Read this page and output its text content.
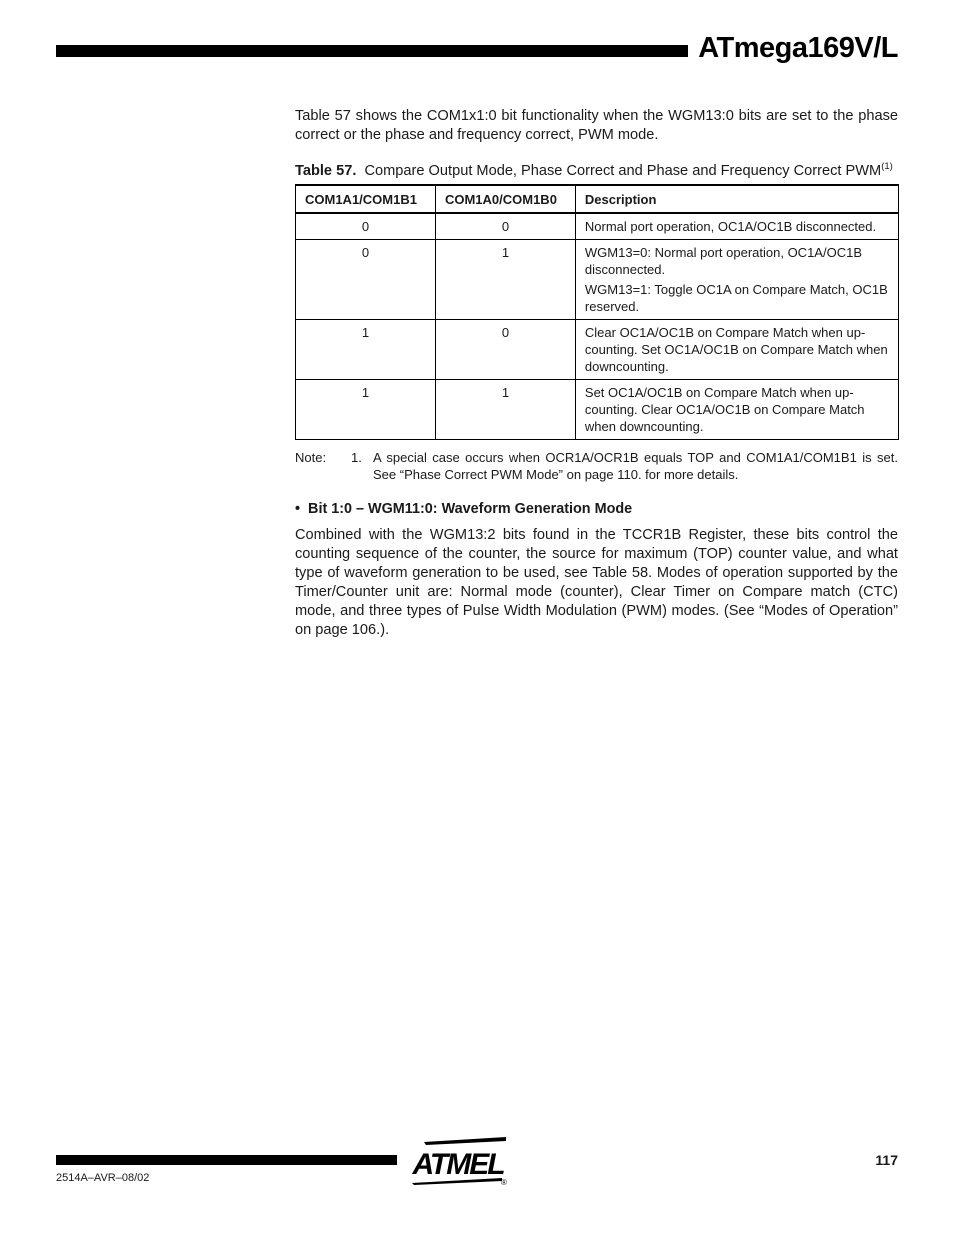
ATmega169V/L

Table 57 shows the COM1x1:0 bit functionality when the WGM13:0 bits are set to the phase correct or the phase and frequency correct, PWM mode.

Table 57. Compare Output Mode, Phase Correct and Phase and Frequency Correct PWM$^{(1)}$
COM1A1/COM1B1	COM1A0/COM1B0	Description
0	0	Normal port operation, OC1A/OC1B disconnected.

0	1	WGM13=0: Normal port operation, OC1A/OC1B disconnected.
WGM13=1: Toggle OC1A on Compare Match, OC1B reserved.

1	0	Clear OC1A/OC1B on Compare Match when up-counting. Set OC1A/OC1B on Compare Match when downcounting.

1	1	Set OC1A/OC1B on Compare Match when up-counting. Clear OC1A/OC1B on Compare Match when downcounting.
Note:	1. A special case occurs when OCR1A/OCR1B equals TOP and COM1A1/COM1B1 is set. See “Phase Correct PWM Mode” on page 110. for more details.
• Bit 1:0 – WGM11:0: Waveform Generation Mode

Combined with the WGM13:2 bits found in the TCCR1B Register, these bits control the counting sequence of the counter, the source for maximum (TOP) counter value, and what type of waveform generation to be used, see Table 58. Modes of operation supported by the Timer/Counter unit are: Normal mode (counter), Clear Timer on Compare match (CTC) mode, and three types of Pulse Width Modulation (PWM) modes. (See “Modes of Operation” on page 106.).

2514A–AVR–08/02
117
ATMEL
®
